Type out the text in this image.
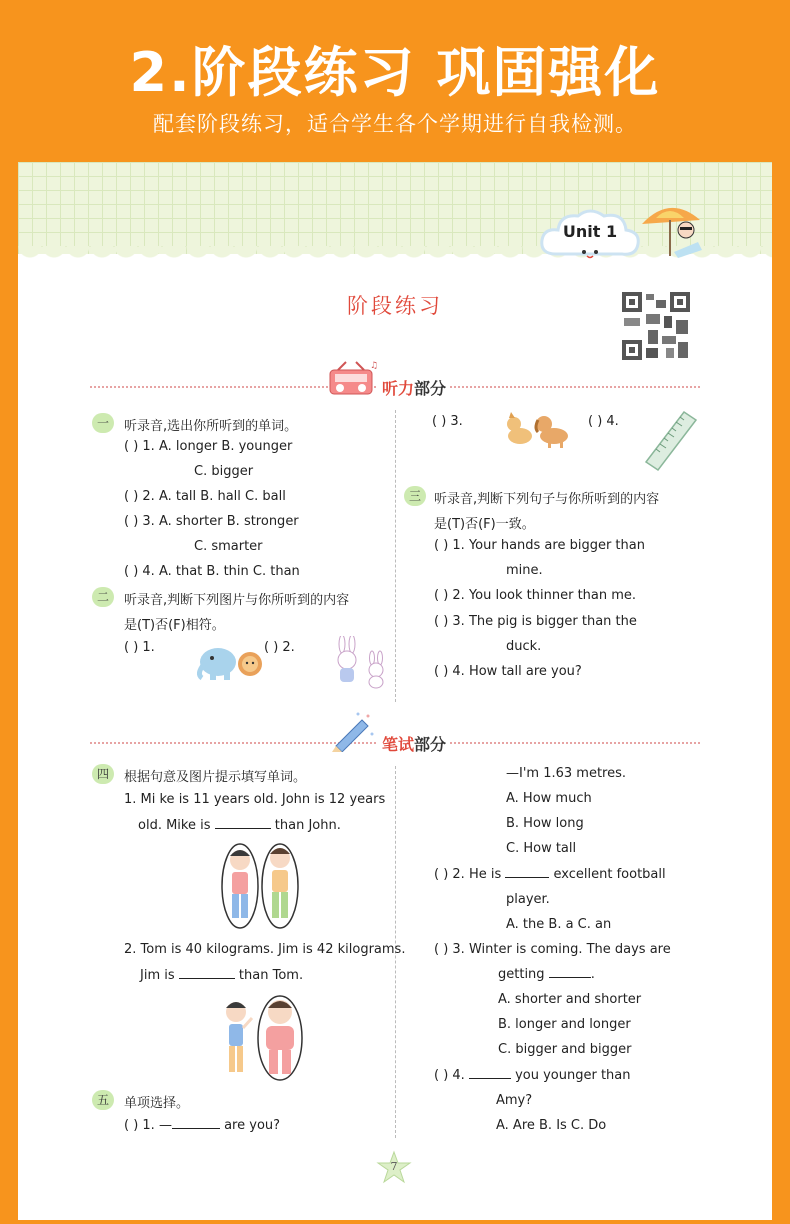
2.阶段练习 巩固强化
配套阶段练习，适合学生各个学期进行自我检测。
Unit 1
阶段练习
♫
听力部分
一	听录音,选出你所听到的单词。
( ) 1. A. longer B. younger
C. bigger
( ) 2. A. tall B. hall C. ball
( ) 3. A. shorter B. stronger
C. smarter
( ) 4. A. that B. thin C. than
二	听录音,判断下列图片与你所听到的内容
是(T)否(F)相符。
( ) 1.	( ) 2.
( ) 3.	( ) 4.
三	听录音,判断下列句子与你所听到的内容
是(T)否(F)一致。
( ) 1. Your hands are bigger than
mine.
( ) 2. You look thinner than me.
( ) 3. The pig is bigger than the
duck.
( ) 4. How tall are you?
笔试部分
四	根据句意及图片提示填写单词。
1. Mi ke is 11 years old. John is 12 years
old. Mike is	than John.
2. Tom is 40 kilograms. Jim is 42 kilograms.
Jim is	than Tom.
五	单项选择。
( ) 1. —	are you?
—I'm 1.63 metres.
A. How much
B. How long
C. How tall
( ) 2. He is	excellent football
player.
A. the B. a C. an
( ) 3. Winter is coming. The days are
getting	.
A. shorter and shorter
B. longer and longer
C. bigger and bigger
( ) 4.	you younger than
Amy?
A. Are B. Is C. Do
7
